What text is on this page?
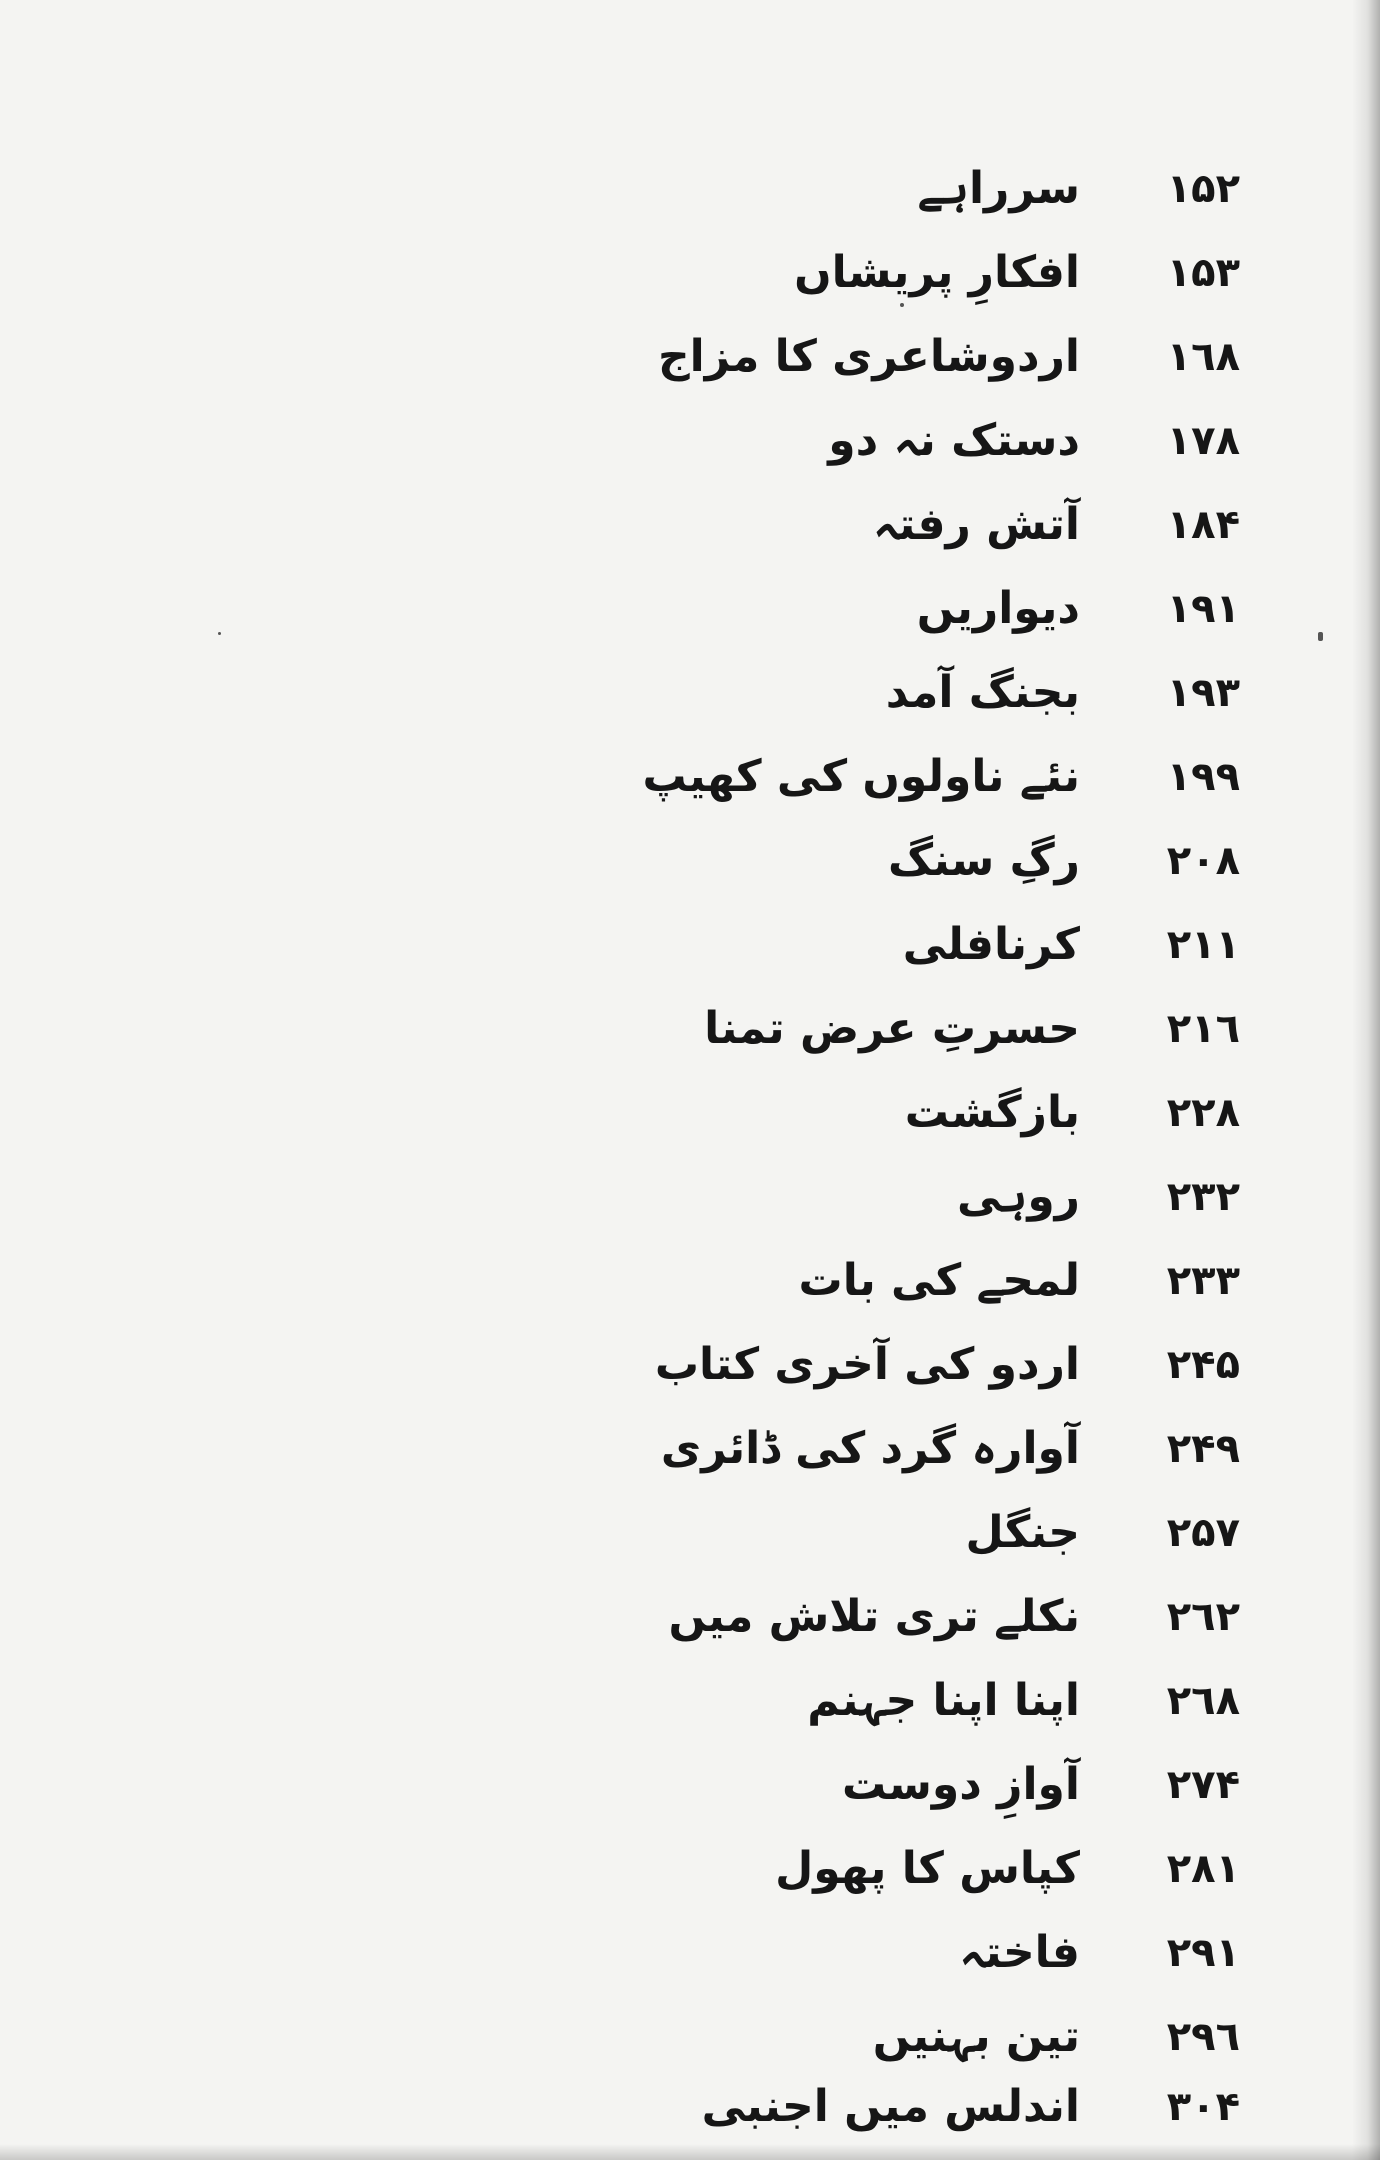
۱۵۲
سرراہے
۱۵۳
افکارِ پریشاں
۱٦۸
اردوشاعری کا مزاج
۱۷۸
دستک نہ دو
۱۸۴
آتش رفتہ
۱۹۱
دیواریں
۱۹۳
بجنگ آمد
۱۹۹
نئے ناولوں کی کھیپ
۲۰۸
رگِ سنگ
۲۱۱
کرنافلی
۲۱٦
حسرتِ عرض تمنا
۲۲۸
بازگشت
۲۳۲
روہی
۲۳۳
لمحے کی بات
۲۴۵
اردو کی آخری کتاب
۲۴۹
آوارہ گرد کی ڈائری
۲۵۷
جنگل
۲٦۲
نکلے تری تلاش میں
۲٦۸
اپنا اپنا جہنم
۲۷۴
آوازِ دوست
۲۸۱
کپاس کا پھول
۲۹۱
فاختہ
۲۹٦
تین بہنیں
۳۰۴
اندلس میں اجنبی
